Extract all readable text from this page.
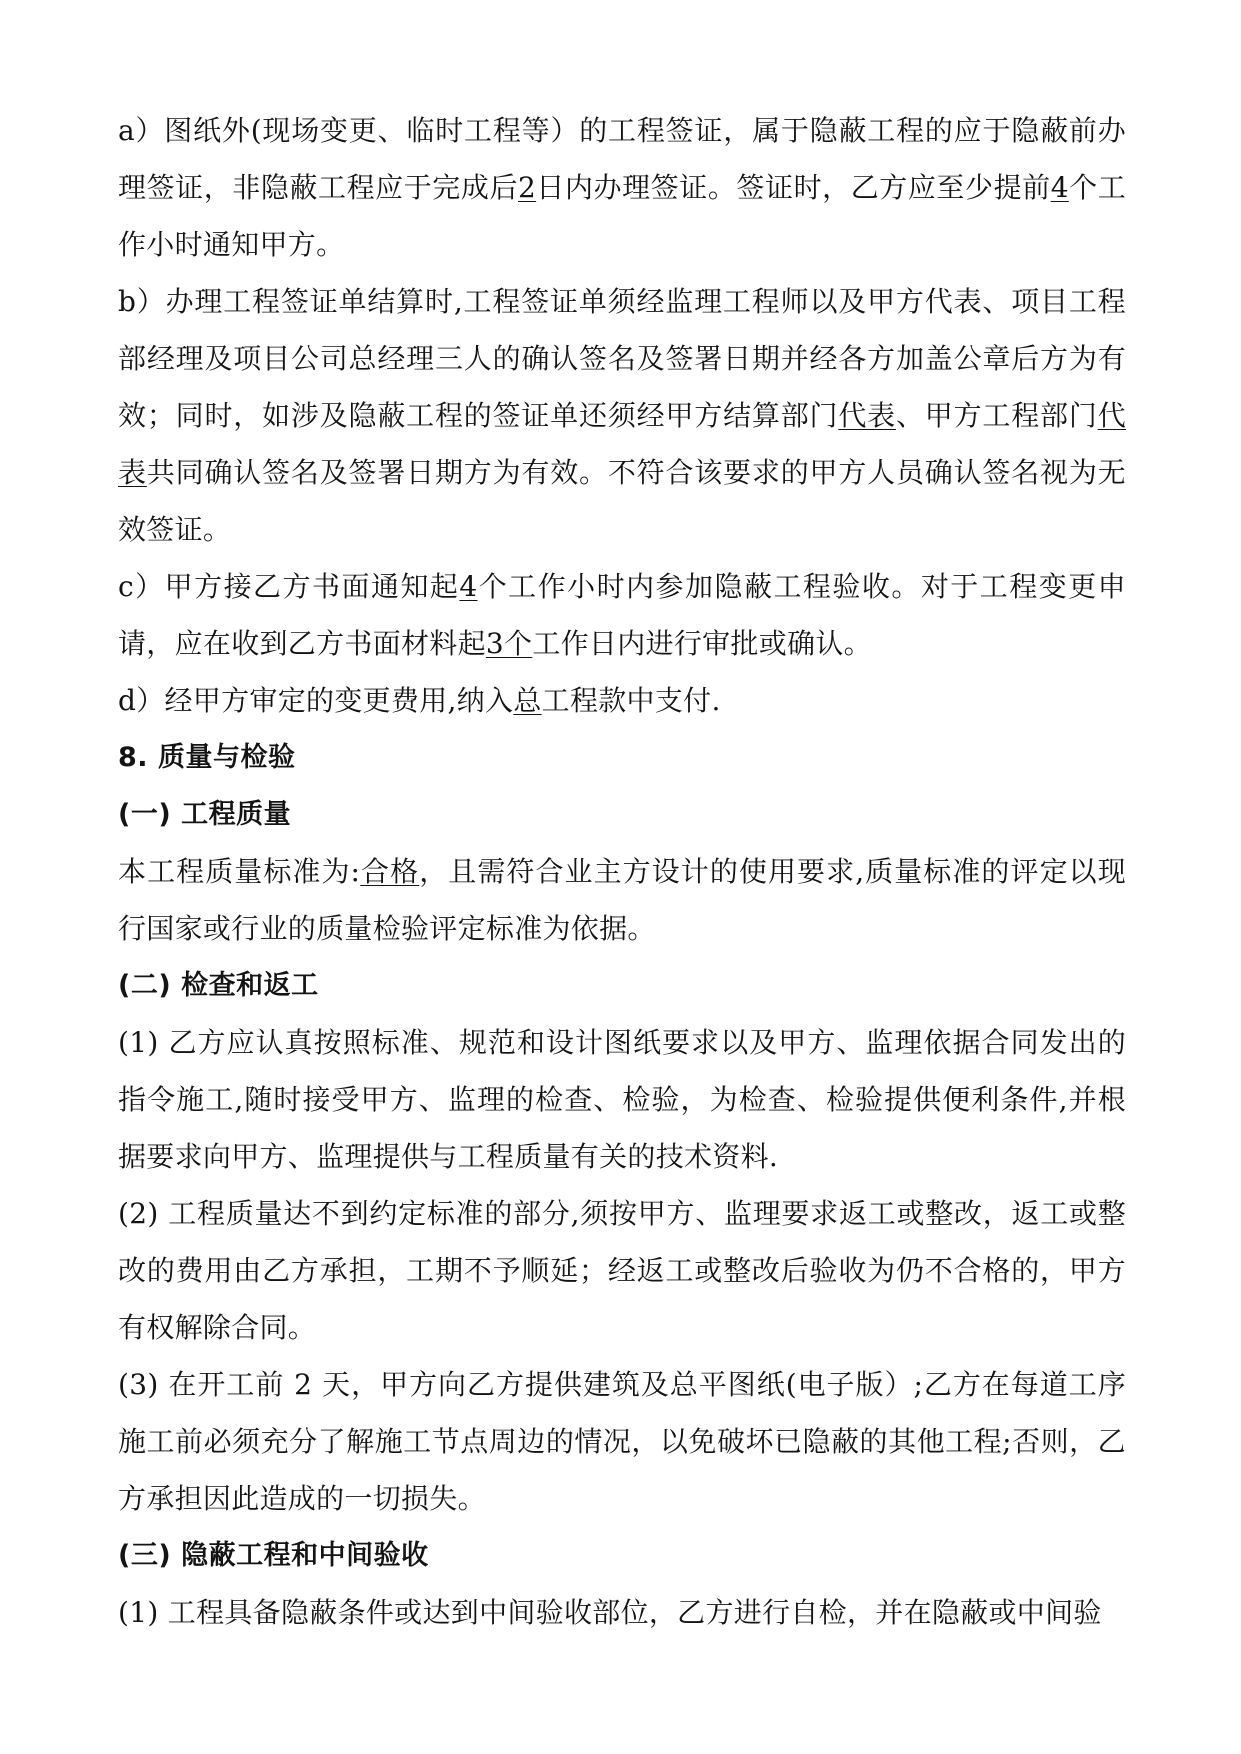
a）图纸外(现场变更、临时工程等）的工程签证，属于隐蔽工程的应于隐蔽前办理签证，非隐蔽工程应于完成后2日内办理签证。签证时，乙方应至少提前4个工作小时通知甲方。

b）办理工程签证单结算时,工程签证单须经监理工程师以及甲方代表、项目工程部经理及项目公司总经理三人的确认签名及签署日期并经各方加盖公章后方为有效；同时，如涉及隐蔽工程的签证单还须经甲方结算部门代表、甲方工程部门代表共同确认签名及签署日期方为有效。不符合该要求的甲方人员确认签名视为无效签证。

c）甲方接乙方书面通知起4个工作小时内参加隐蔽工程验收。对于工程变更申请，应在收到乙方书面材料起3个工作日内进行审批或确认。

d）经甲方审定的变更费用,纳入总工程款中支付.

8. 质量与检验

(一) 工程质量

本工程质量标准为:合格，且需符合业主方设计的使用要求,质量标准的评定以现行国家或行业的质量检验评定标准为依据。

(二) 检查和返工

(1) 乙方应认真按照标准、规范和设计图纸要求以及甲方、监理依据合同发出的指令施工,随时接受甲方、监理的检查、检验，为检查、检验提供便利条件,并根据要求向甲方、监理提供与工程质量有关的技术资料.

(2) 工程质量达不到约定标准的部分,须按甲方、监理要求返工或整改，返工或整改的费用由乙方承担，工期不予顺延；经返工或整改后验收为仍不合格的，甲方有权解除合同。

(3) 在开工前 2 天，甲方向乙方提供建筑及总平图纸(电子版）;乙方在每道工序施工前必须充分了解施工节点周边的情况，以免破坏已隐蔽的其他工程;否则，乙方承担因此造成的一切损失。

(三) 隐蔽工程和中间验收

(1) 工程具备隐蔽条件或达到中间验收部位，乙方进行自检，并在隐蔽或中间验
